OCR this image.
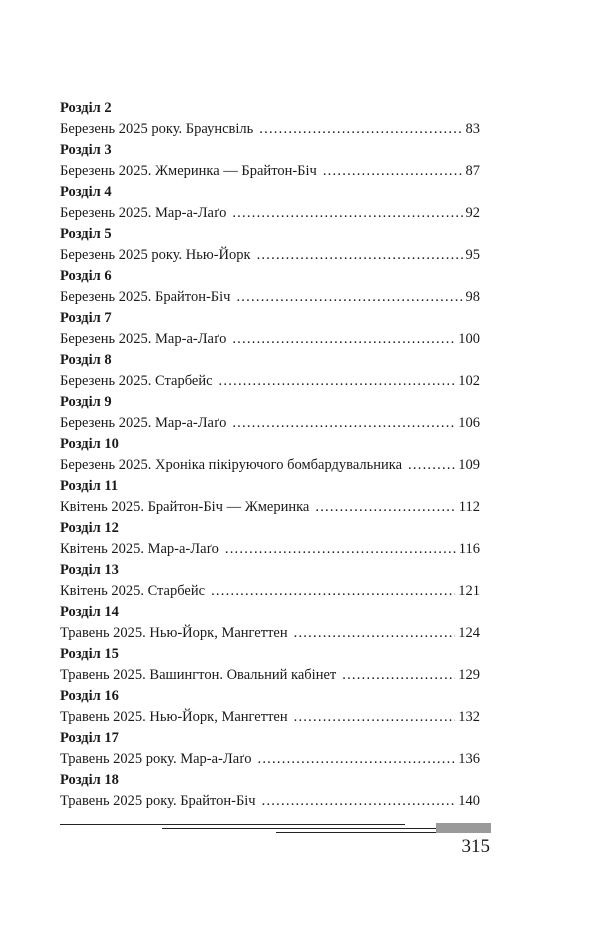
Розділ 2
Березень 2025 року. Браунсвіль . . .	83
Розділ 3
Березень 2025. Жмеринка — Брайтон-Біч . . .	87
Розділ 4
Березень 2025. Мар-а-Лаґо . . .	92
Розділ 5
Березень 2025 року. Нью-Йорк . . .	95
Розділ 6
Березень 2025. Брайтон-Біч . . .	98
Розділ 7
Березень 2025. Мар-а-Лаґо . . .	100
Розділ 8
Березень 2025. Старбейс . . .	102
Розділ 9
Березень 2025. Мар-а-Лаґо . . .	106
Розділ 10
Березень 2025. Хроніка пікіруючого бомбардувальника . . .	109
Розділ 11
Квітень 2025. Брайтон-Біч — Жмеринка . . .	112
Розділ 12
Квітень 2025. Мар-а-Лаґо . . .	116
Розділ 13
Квітень 2025. Старбейс . . .	121
Розділ 14
Травень 2025. Нью-Йорк, Мангеттен . . .	124
Розділ 15
Травень 2025. Вашингтон. Овальний кабінет . . .	129
Розділ 16
Травень 2025. Нью-Йорк, Мангеттен . . .	132
Розділ 17
Травень 2025 року. Мар-а-Лаґо . . .	136
Розділ 18
Травень 2025 року. Брайтон-Біч . . .	140
315
